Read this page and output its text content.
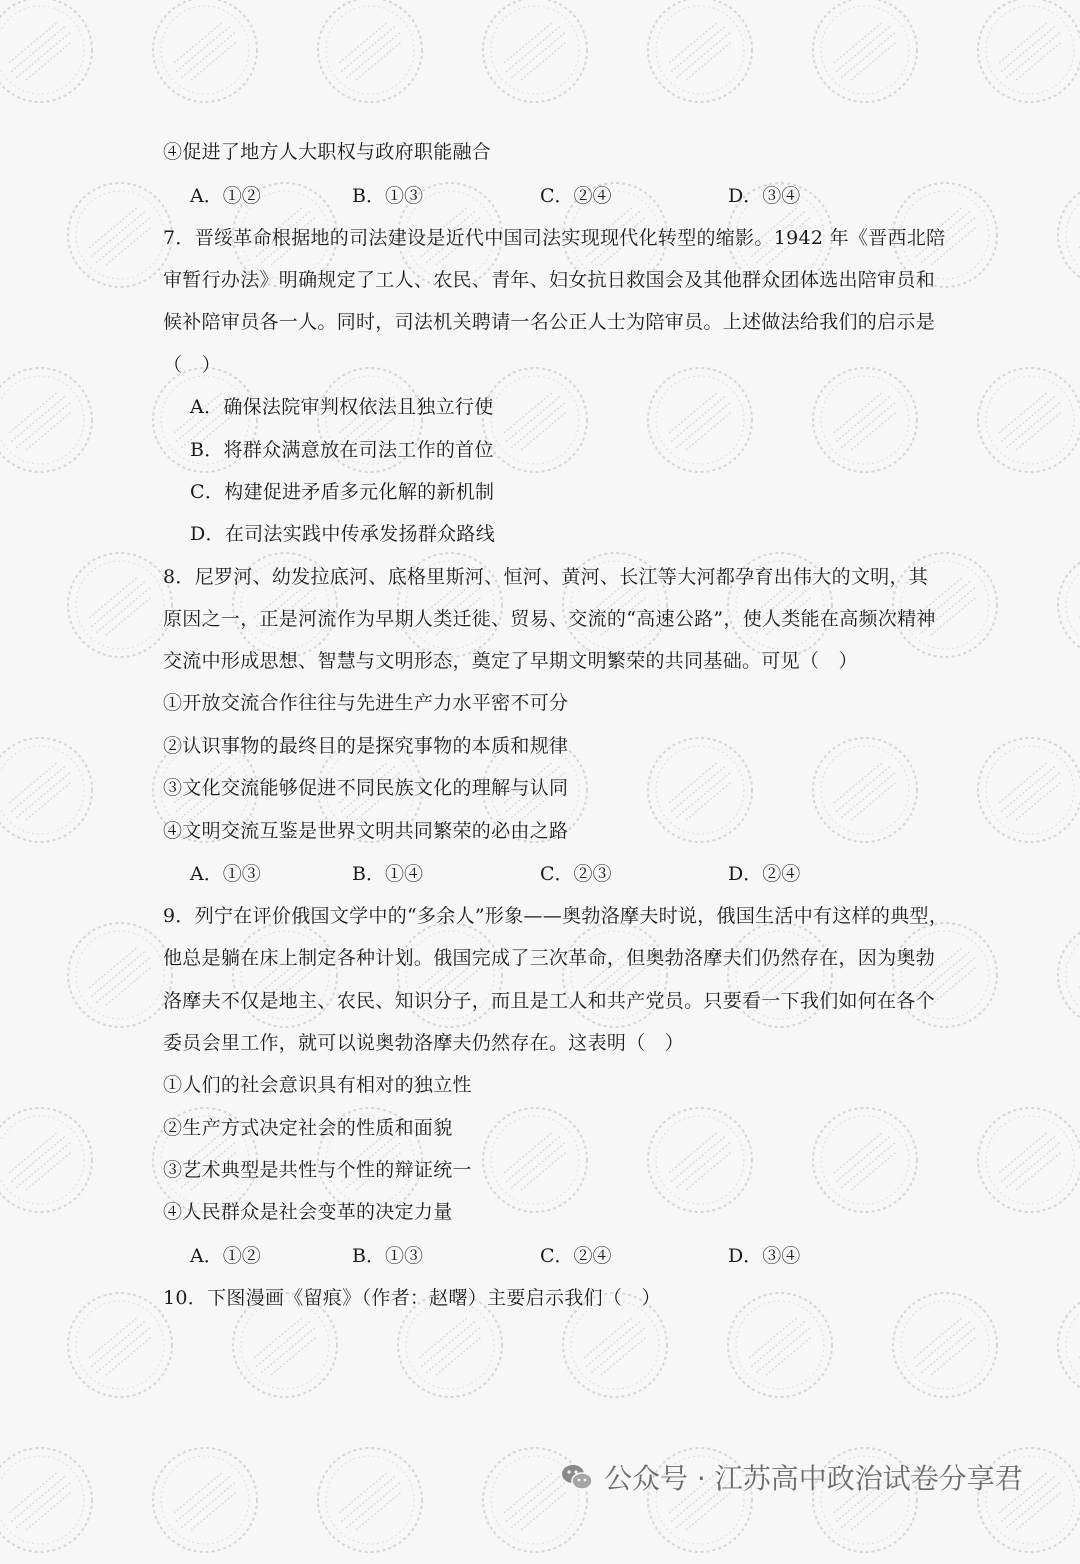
④促进了地方人大职权与政府职能融合
A．①②	B．①③	C．②④	D．③④
7．晋绥革命根据地的司法建设是近代中国司法实现现代化转型的缩影。1942 年《晋西北陪
审暂行办法》明确规定了工人、农民、青年、妇女抗日救国会及其他群众团体选出陪审员和
候补陪审员各一人。同时，司法机关聘请一名公正人士为陪审员。上述做法给我们的启示是
（　）
A．确保法院审判权依法且独立行使
B．将群众满意放在司法工作的首位
C．构建促进矛盾多元化解的新机制
D．在司法实践中传承发扬群众路线
8．尼罗河、幼发拉底河、底格里斯河、恒河、黄河、长江等大河都孕育出伟大的文明，其
原因之一，正是河流作为早期人类迁徙、贸易、交流的“高速公路”，使人类能在高频次精神
交流中形成思想、智慧与文明形态，奠定了早期文明繁荣的共同基础。可见（　）
①开放交流合作往往与先进生产力水平密不可分
②认识事物的最终目的是探究事物的本质和规律
③文化交流能够促进不同民族文化的理解与认同
④文明交流互鉴是世界文明共同繁荣的必由之路
A．①③	B．①④	C．②③	D．②④
9．列宁在评价俄国文学中的“多余人”形象——奥勃洛摩夫时说，俄国生活中有这样的典型，
他总是躺在床上制定各种计划。俄国完成了三次革命，但奥勃洛摩夫们仍然存在，因为奥勃
洛摩夫不仅是地主、农民、知识分子，而且是工人和共产党员。只要看一下我们如何在各个
委员会里工作，就可以说奥勃洛摩夫仍然存在。这表明（　）
①人们的社会意识具有相对的独立性
②生产方式决定社会的性质和面貌
③艺术典型是共性与个性的辩证统一
④人民群众是社会变革的决定力量
A．①②	B．①③	C．②④	D．③④
10．下图漫画《留痕》（作者：赵曙）主要启示我们（　）
公众号 · 江苏高中政治试卷分享君
